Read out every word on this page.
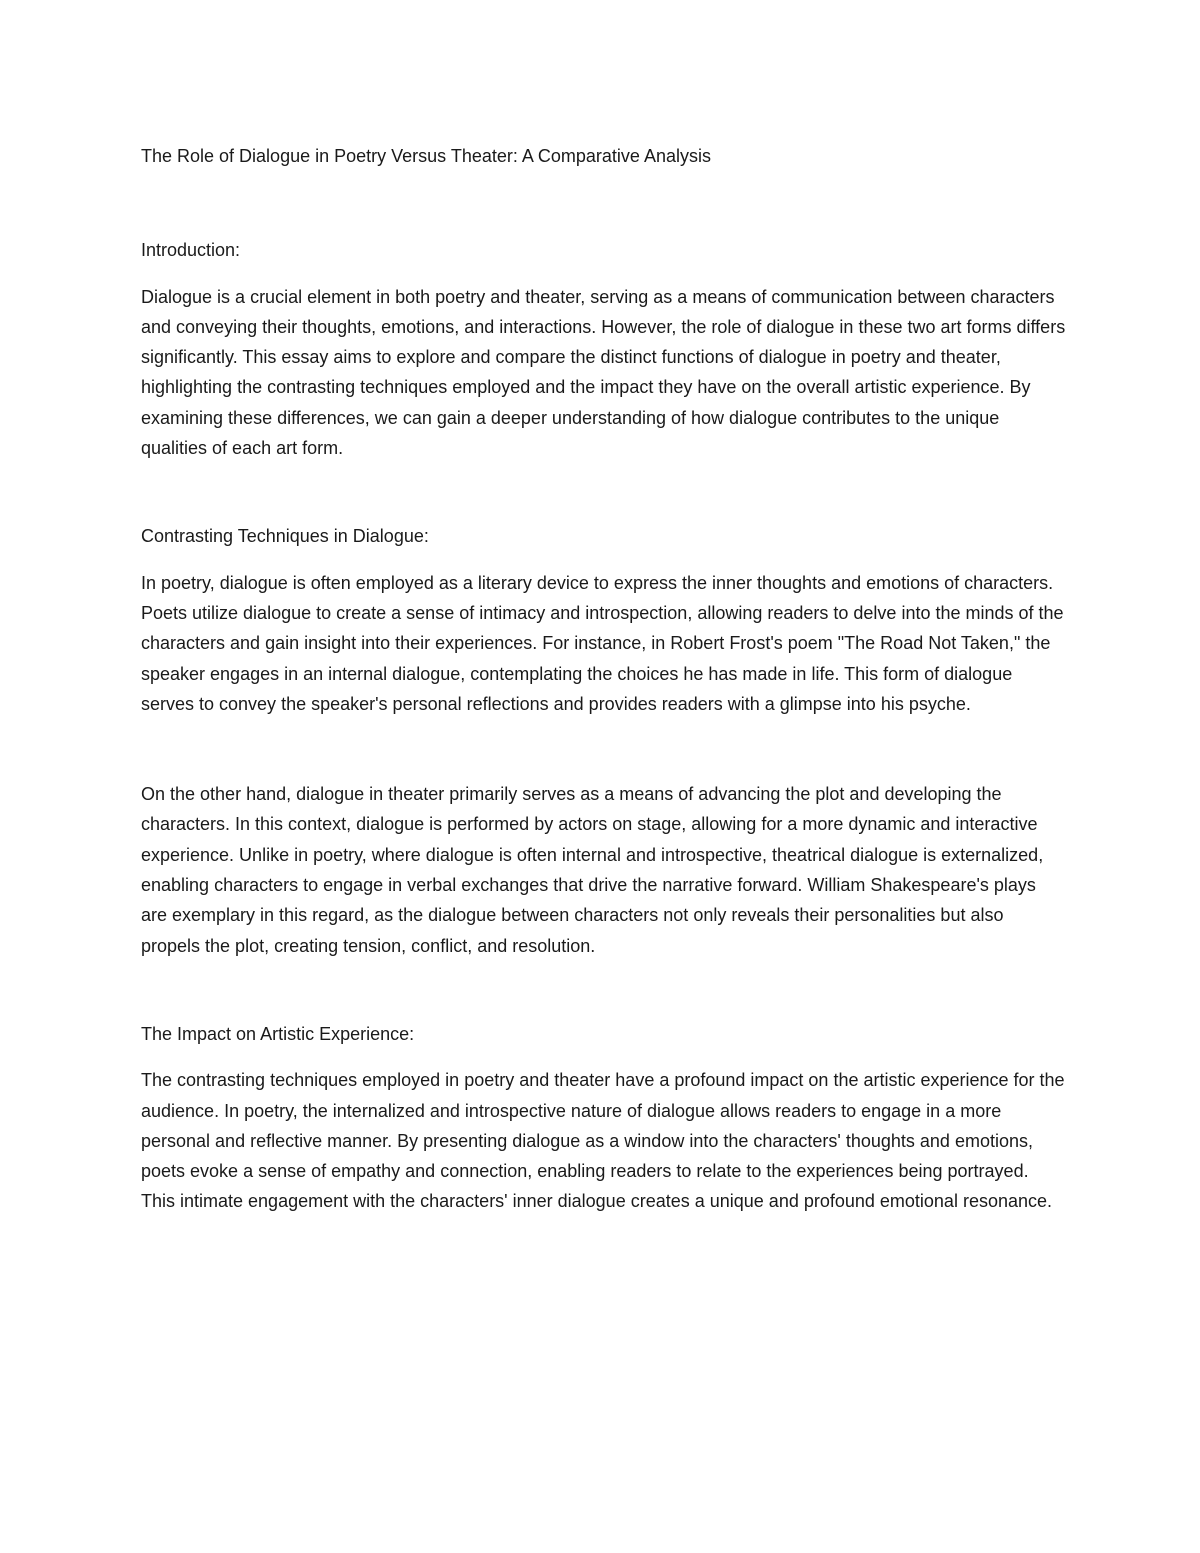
The Role of Dialogue in Poetry Versus Theater: A Comparative Analysis

Introduction:

Dialogue is a crucial element in both poetry and theater, serving as a means of communication between characters and conveying their thoughts, emotions, and interactions. However, the role of dialogue in these two art forms differs significantly. This essay aims to explore and compare the distinct functions of dialogue in poetry and theater, highlighting the contrasting techniques employed and the impact they have on the overall artistic experience. By examining these differences, we can gain a deeper understanding of how dialogue contributes to the unique qualities of each art form.

Contrasting Techniques in Dialogue:

In poetry, dialogue is often employed as a literary device to express the inner thoughts and emotions of characters. Poets utilize dialogue to create a sense of intimacy and introspection, allowing readers to delve into the minds of the characters and gain insight into their experiences. For instance, in Robert Frost's poem "The Road Not Taken," the speaker engages in an internal dialogue, contemplating the choices he has made in life. This form of dialogue serves to convey the speaker's personal reflections and provides readers with a glimpse into his psyche.

On the other hand, dialogue in theater primarily serves as a means of advancing the plot and developing the characters. In this context, dialogue is performed by actors on stage, allowing for a more dynamic and interactive experience. Unlike in poetry, where dialogue is often internal and introspective, theatrical dialogue is externalized, enabling characters to engage in verbal exchanges that drive the narrative forward. William Shakespeare's plays are exemplary in this regard, as the dialogue between characters not only reveals their personalities but also propels the plot, creating tension, conflict, and resolution.

The Impact on Artistic Experience:

The contrasting techniques employed in poetry and theater have a profound impact on the artistic experience for the audience. In poetry, the internalized and introspective nature of dialogue allows readers to engage in a more personal and reflective manner. By presenting dialogue as a window into the characters' thoughts and emotions, poets evoke a sense of empathy and connection, enabling readers to relate to the experiences being portrayed. This intimate engagement with the characters' inner dialogue creates a unique and profound emotional resonance.
